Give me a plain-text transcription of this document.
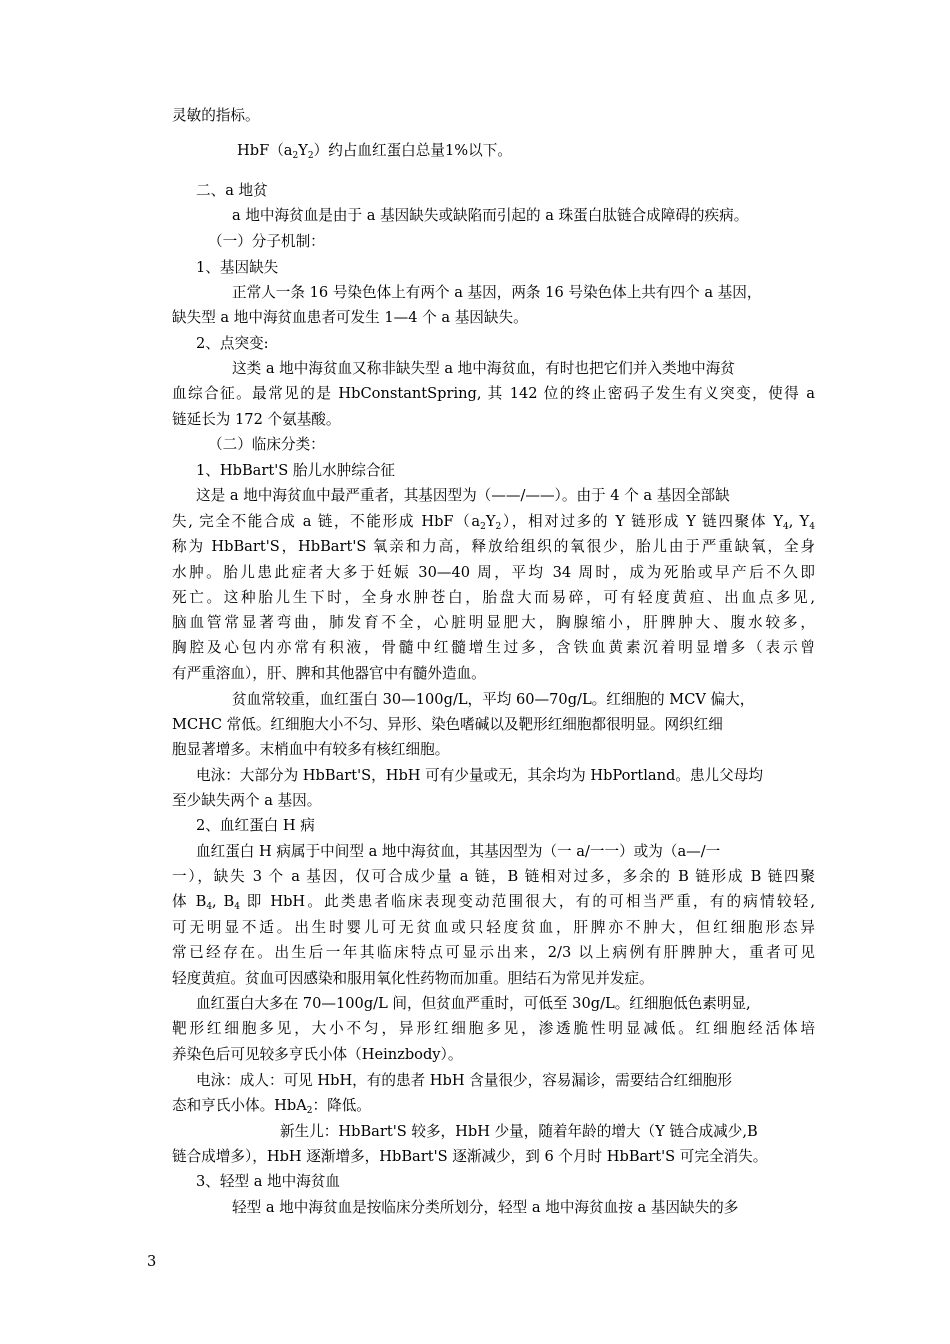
灵敏的指标。

$HbF(a_2Y_2)$约占血红蛋白总量1%以下。

二、a 地贫

a 地中海贫血是由于 a 基因缺失或缺陷而引起的 a 珠蛋白肽链合成障碍的疾病。

（一）分子机制：

1、基因缺失

正常人一条 16 号染色体上有两个 a 基因，两条 16 号染色体上共有四个 a 基因，

缺失型 a 地中海贫血患者可发生 1—4 个 a 基因缺失。

2、点突变:

这类 a 地中海贫血又称非缺失型 a 地中海贫血，有时也把它们并入类地中海贫

血综合征。最常见的是 HbConstantSpring, 其 142 位的终止密码子发生有义突变，使得 a

链延长为 172 个氨基酸。

（二）临床分类：

1、HbBart'S 胎儿水肿综合征

这是 a 地中海贫血中最严重者，其基因型为（——/——）。由于 4 个 a 基因全部缺

失, 完全不能合成 a 链，不能形成 $HbF(a_2Y_2)$，相对过多的 Y 链形成 Y 链四聚体 $Y_4$, $Y_4$

称为 HbBart'S，HbBart'S 氧亲和力高，释放给组织的氧很少，胎儿由于严重缺氧，全身

水肿。胎儿患此症者大多于妊娠 30—40 周，平均 34 周时，成为死胎或早产后不久即

死亡。这种胎儿生下时，全身水肿苍白，胎盘大而易碎，可有轻度黄疸、出血点多见,

脑血管常显著弯曲，肺发育不全，心脏明显肥大，胸腺缩小，肝脾肿大、腹水较多，

胸腔及心包内亦常有积液，骨髓中红髓增生过多，含铁血黄素沉着明显增多（表示曾

有严重溶血），肝、脾和其他器官中有髓外造血。

贫血常较重，血红蛋白 30—100g/L，平均 60—70g/L。红细胞的 MCV 偏大，

MCHC 常低。红细胞大小不匀、异形、染色嗜碱以及靶形红细胞都很明显。网织红细

胞显著增多。末梢血中有较多有核红细胞。

电泳：大部分为 HbBart'S，HbH 可有少量或无，其余均为 HbPortland。患儿父母均

至少缺失两个 a 基因。

2、血红蛋白 H 病

血红蛋白 H 病属于中间型 a 地中海贫血，其基因型为（一 a/一一）或为（a—/一

一），缺失 3 个 a 基因，仅可合成少量 a 链，B 链相对过多，多余的 B 链形成 B 链四聚

体 $B_4$, $B_4$ 即 HbH。此类患者临床表现变动范围很大，有的可相当严重，有的病情较轻,

可无明显不适。出生时婴儿可无贫血或只轻度贫血，肝脾亦不肿大，但红细胞形态异

常已经存在。出生后一年其临床特点可显示出来，2/3 以上病例有肝脾肿大，重者可见

轻度黄疸。贫血可因感染和服用氧化性药物而加重。胆结石为常见并发症。

血红蛋白大多在 70—100g/L 间，但贫血严重时，可低至 30g/L。红细胞低色素明显,

靶形红细胞多见，大小不匀，异形红细胞多见，渗透脆性明显减低。红细胞经活体培

养染色后可见较多亨氏小体（Heinzbody）。

电泳：成人：可见 HbH，有的患者 HbH 含量很少，容易漏诊，需要结合红细胞形

态和亨氏小体。HbA$_2$：降低。

新生儿：HbBart'S 较多，HbH 少量，随着年龄的增大（Y 链合成减少,B

链合成增多），HbH 逐渐增多，HbBart'S 逐渐减少，到 6 个月时 HbBart'S 可完全消失。

3、轻型 a 地中海贫血

轻型 a 地中海贫血是按临床分类所划分，轻型 a 地中海贫血按 a 基因缺失的多

3
